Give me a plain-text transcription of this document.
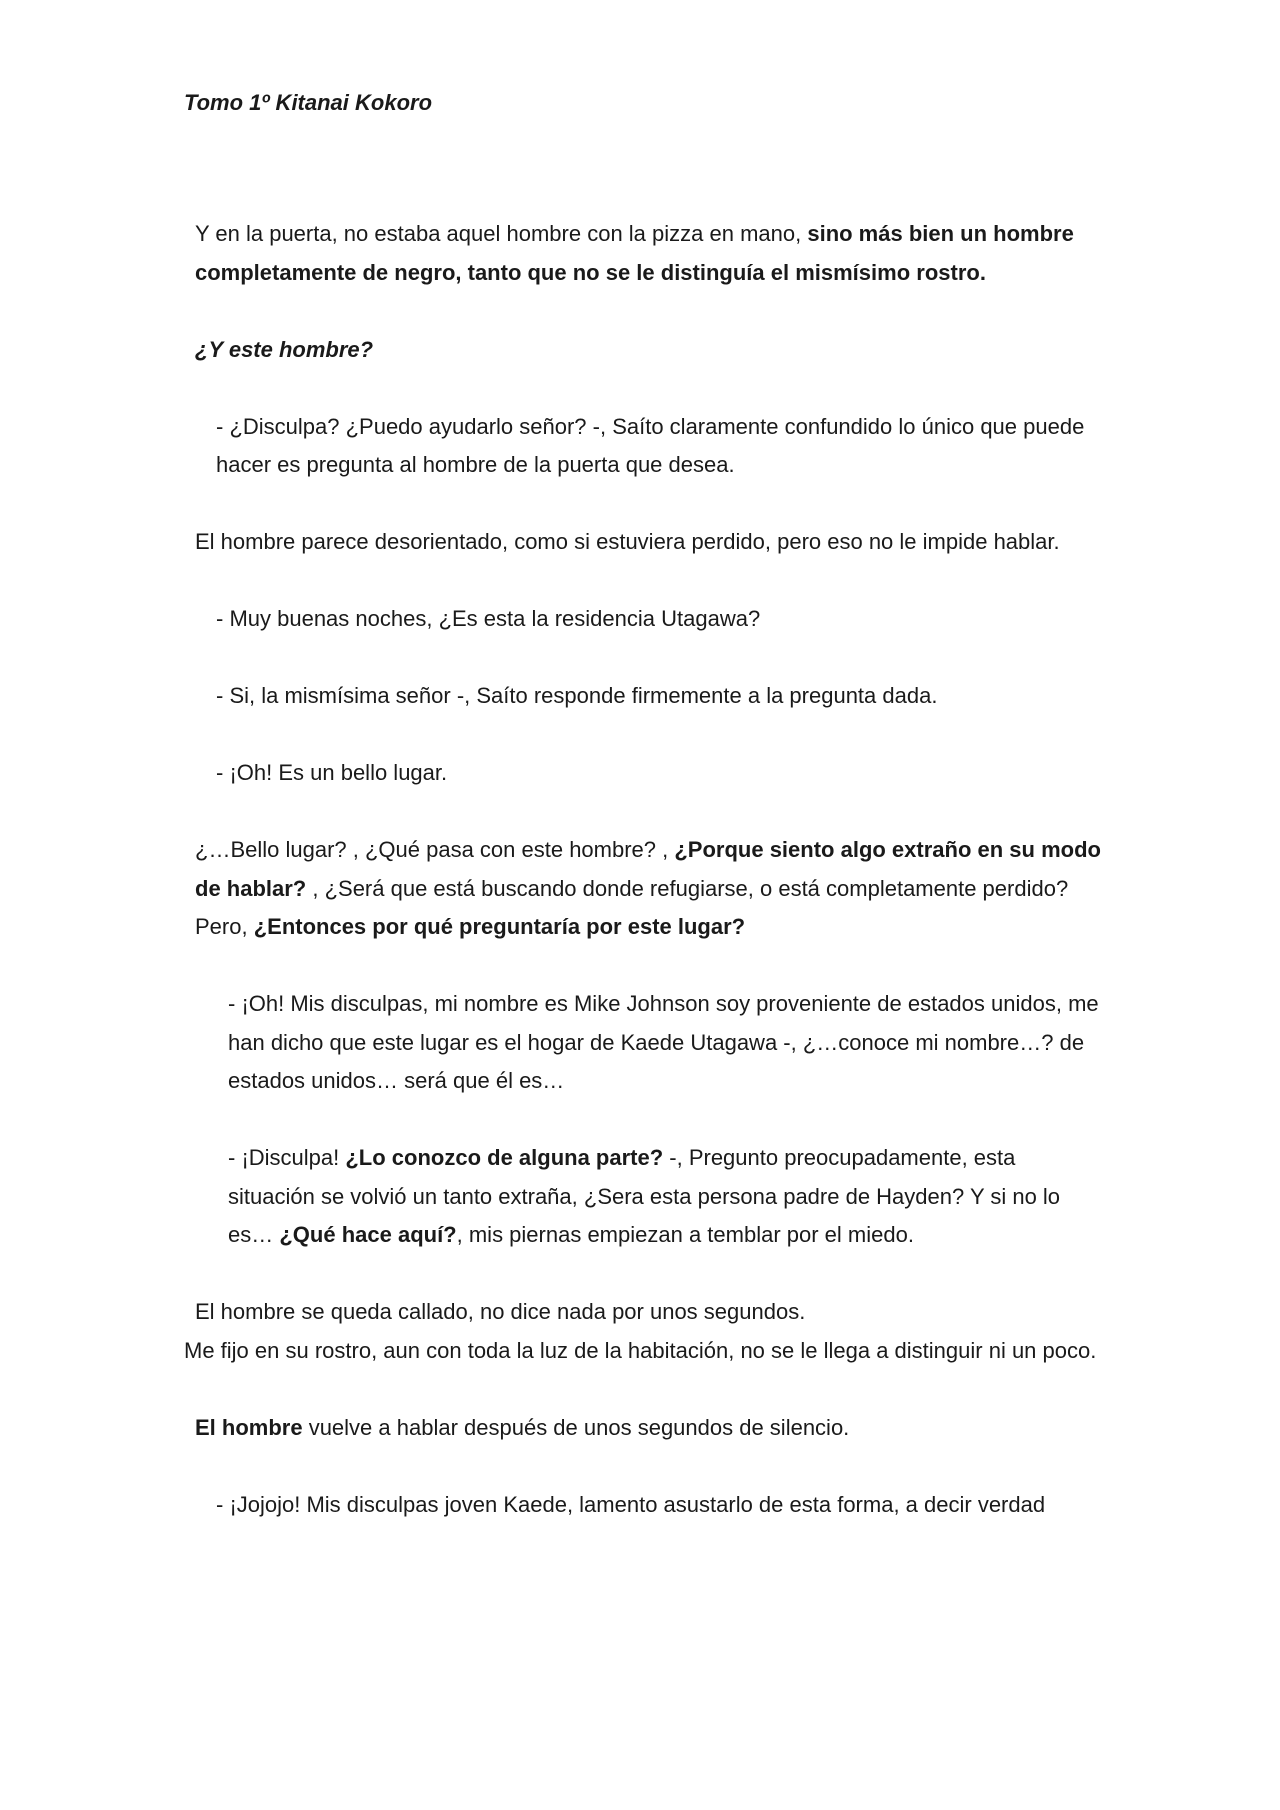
Tomo 1º Kitanai Kokoro

Y en la puerta, no estaba aquel hombre con la pizza en mano, sino más bien un hombre completamente de negro, tanto que no se le distinguía el mismísimo rostro.

¿Y este hombre?

- ¿Disculpa? ¿Puedo ayudarlo señor? -, Saíto claramente confundido lo único que puede hacer es pregunta al hombre de la puerta que desea.

El hombre parece desorientado, como si estuviera perdido, pero eso no le impide hablar.

- Muy buenas noches, ¿Es esta la residencia Utagawa?

- Si, la mismísima señor -, Saíto responde firmemente a la pregunta dada.

- ¡Oh! Es un bello lugar.

¿…Bello lugar? , ¿Qué pasa con este hombre? , ¿Porque siento algo extraño en su modo de hablar? , ¿Será que está buscando donde refugiarse, o está completamente perdido?

Pero, ¿Entonces por qué preguntaría por este lugar?

- ¡Oh! Mis disculpas, mi nombre es Mike Johnson soy proveniente de estados unidos, me han dicho que este lugar es el hogar de Kaede Utagawa -, ¿…conoce mi nombre…? de estados unidos… será que él es…

- ¡Disculpa! ¿Lo conozco de alguna parte? -, Pregunto preocupadamente, esta situación se volvió un tanto extraña, ¿Sera esta persona padre de Hayden? Y si no lo es… ¿Qué hace aquí?, mis piernas empiezan a temblar por el miedo.

El hombre se queda callado, no dice nada por unos segundos.
Me fijo en su rostro, aun con toda la luz de la habitación, no se le llega a distinguir ni un poco.

El hombre vuelve a hablar después de unos segundos de silencio.

- ¡Jojojo! Mis disculpas joven Kaede, lamento asustarlo de esta forma, a decir verdad
